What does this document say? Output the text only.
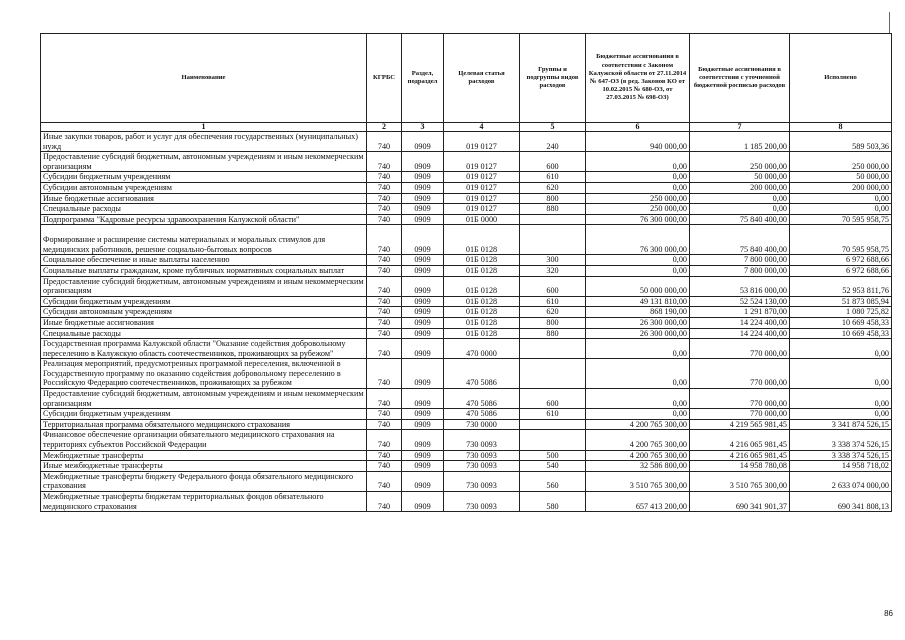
Наименование	КГРБС	Раздел, подраздел	Целевая статья расходов	Группы и подгруппы видов расходов	Бюджетные ассигнования в соответствии с Законом Калужской области от 27.11.2014 № 647-ОЗ (в ред. Законов КО от 10.02.2015 № 680-ОЗ, от 27.03.2015 № 698-ОЗ)	Бюджетные ассигнования в соответствии с уточненной бюджетной росписью расходов	Исполнено
1	2	3	4	5	6	7	8
Иные закупки товаров, работ и услуг для обеспечения государственных (муниципальных) нужд	740	0909	019 0127	240	940 000,00	1 185 200,00	589 503,36
Предоставление субсидий бюджетным, автономным учреждениям и иным некоммерческим организациям	740	0909	019 0127	600	0,00	250 000,00	250 000,00
Субсидии бюджетным учреждениям	740	0909	019 0127	610	0,00	50 000,00	50 000,00
Субсидии автономным учреждениям	740	0909	019 0127	620	0,00	200 000,00	200 000,00
Иные бюджетные ассигнования	740	0909	019 0127	800	250 000,00	0,00	0,00
Специальные расходы	740	0909	019 0127	880	250 000,00	0,00	0,00
Подпрограмма "Кадровые ресурсы здравоохранения Калужской области"	740	0909	01Б 0000		76 300 000,00	75 840 400,00	70 595 958,75
Формирование и расширение системы материальных и моральных стимулов для медицинских работников, решение социально-бытовых вопросов	740	0909	01Б 0128		76 300 000,00	75 840 400,00	70 595 958,75
Социальное обеспечение и иные выплаты населению	740	0909	01Б 0128	300	0,00	7 800 000,00	6 972 688,66
Социальные выплаты гражданам, кроме публичных нормативных социальных выплат	740	0909	01Б 0128	320	0,00	7 800 000,00	6 972 688,66
Предоставление субсидий бюджетным, автономным учреждениям и иным некоммерческим организациям	740	0909	01Б 0128	600	50 000 000,00	53 816 000,00	52 953 811,76
Субсидии бюджетным учреждениям	740	0909	01Б 0128	610	49 131 810,00	52 524 130,00	51 873 085,94
Субсидии автономным учреждениям	740	0909	01Б 0128	620	868 190,00	1 291 870,00	1 080 725,82
Иные бюджетные ассигнования	740	0909	01Б 0128	800	26 300 000,00	14 224 400,00	10 669 458,33
Специальные расходы	740	0909	01Б 0128	880	26 300 000,00	14 224 400,00	10 669 458,33
Государственная программа Калужской области "Оказание содействия добровольному переселению в Калужскую область соотечественников, проживающих за рубежом"	740	0909	470 0000		0,00	770 000,00	0,00
Реализация мероприятий, предусмотренных программой переселения, включенной в Государственную программу по оказанию содействия добровольному переселению в Российскую Федерацию соотечественников, проживающих за рубежом	740	0909	470 5086		0,00	770 000,00	0,00
Предоставление субсидий бюджетным, автономным учреждениям и иным некоммерческим организациям	740	0909	470 5086	600	0,00	770 000,00	0,00
Субсидии бюджетным учреждениям	740	0909	470 5086	610	0,00	770 000,00	0,00
Территориальная программа обязательного медицинского страхования	740	0909	730 0000		4 200 765 300,00	4 219 565 981,45	3 341 874 526,15
Финансовое обеспечение организации обязательного медицинского страхования на территориях субъектов Российской Федерации	740	0909	730 0093		4 200 765 300,00	4 216 065 981,45	3 338 374 526,15
Межбюджетные трансферты	740	0909	730 0093	500	4 200 765 300,00	4 216 065 981,45	3 338 374 526,15
Иные межбюджетные трансферты	740	0909	730 0093	540	32 586 800,00	14 958 780,08	14 958 718,02
Межбюджетные трансферты бюджету Федерального фонда обязательного медицинского страхования	740	0909	730 0093	560	3 510 765 300,00	3 510 765 300,00	2 633 074 000,00
Межбюджетные трансферты бюджетам территориальных фондов обязательного медицинского страхования	740	0909	730 0093	580	657 413 200,00	690 341 901,37	690 341 808,13
86
